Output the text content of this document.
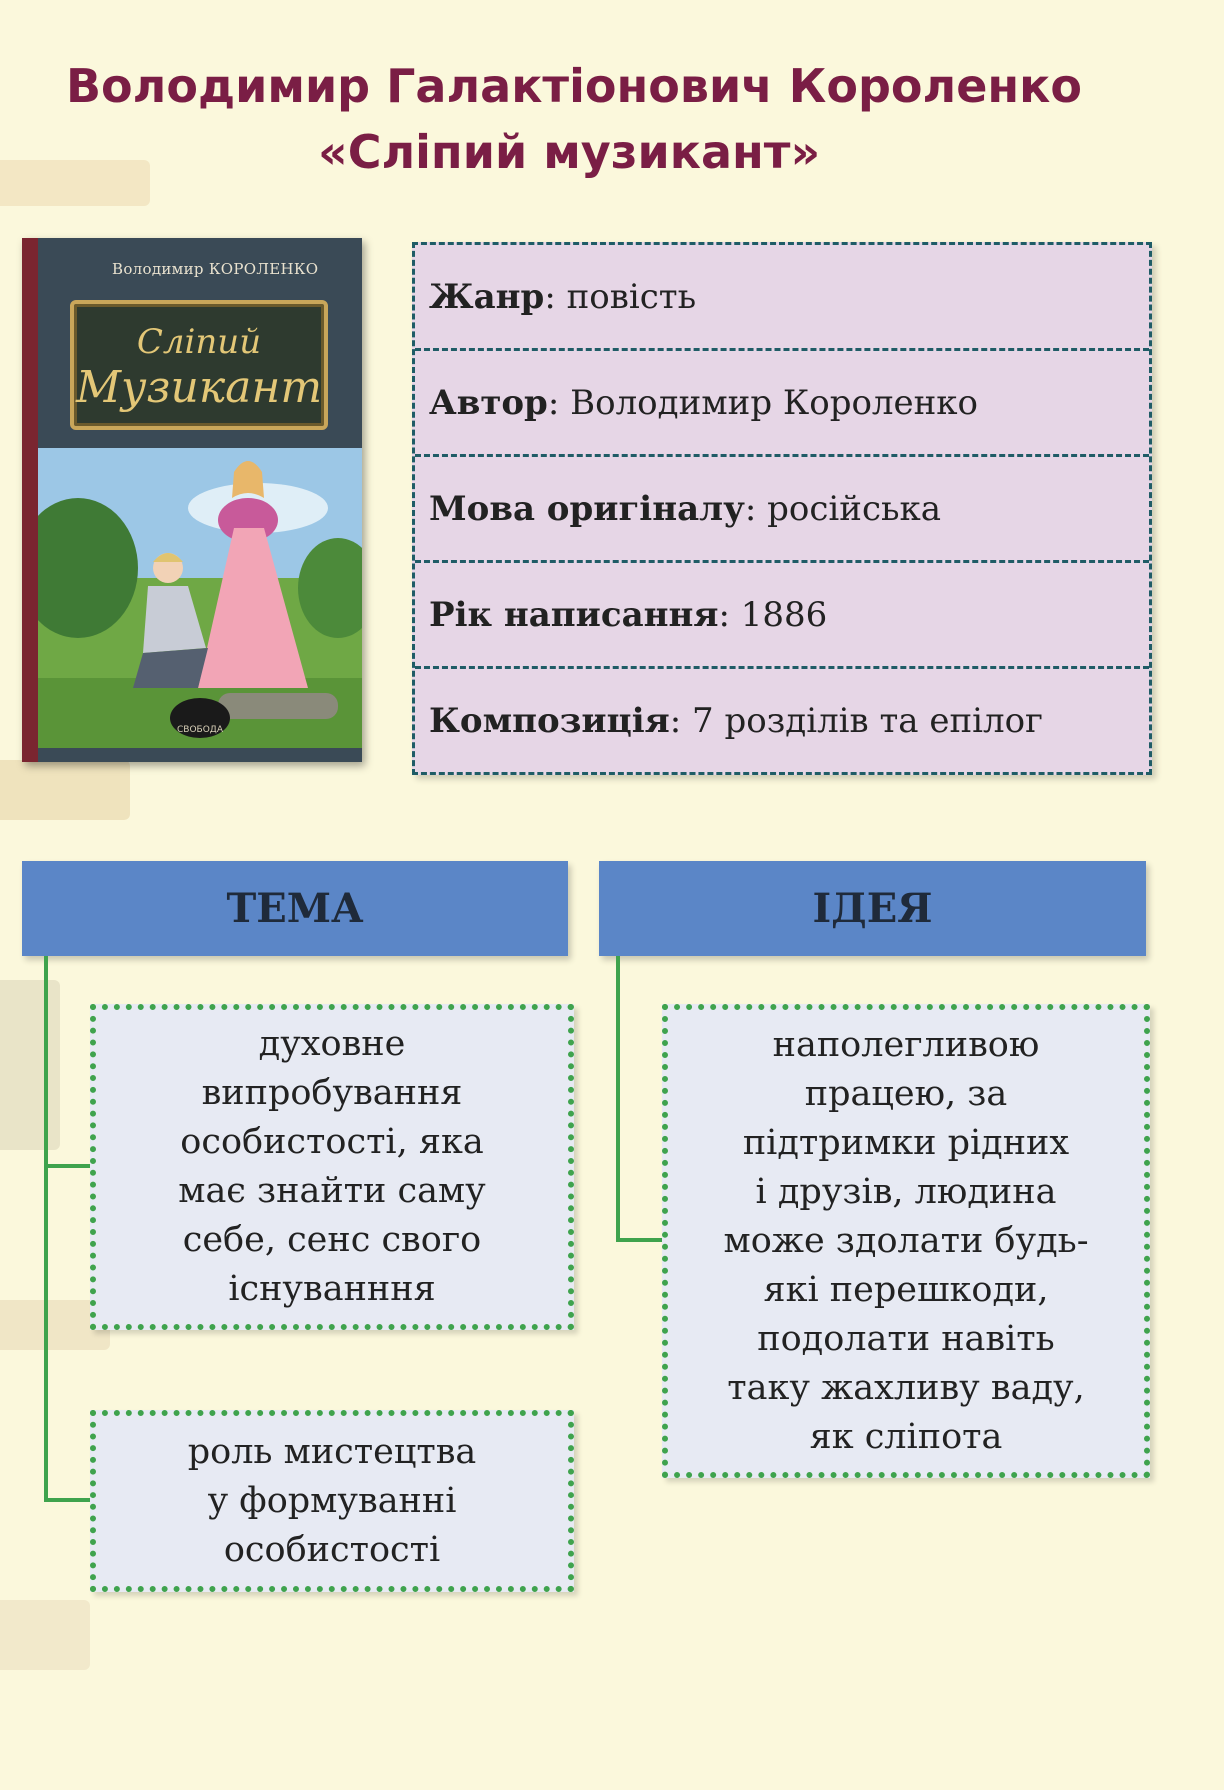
Володимир Галактіонович Короленко
«Сліпий музикант»
Володимир КОРОЛЕНКО
Сліпий
Музикант
СВОБОДА
Жанр : повість
Автор : Володимир Короленко
Мова оригіналу : російська
Рік написання : 1886
Композиція : 7 розділів та епілог
ТЕМА	ІДЕЯ
духовне
випробування
особистості, яка
має знайти саму
себе, сенс свого
існуванння
роль мистецтва
у формуванні
особистості
наполегливою
працею, за
підтримки рідних
і друзів, людина
може здолати будь-
які перешкоди,
подолати навіть
таку жахливу ваду,
як сліпота
